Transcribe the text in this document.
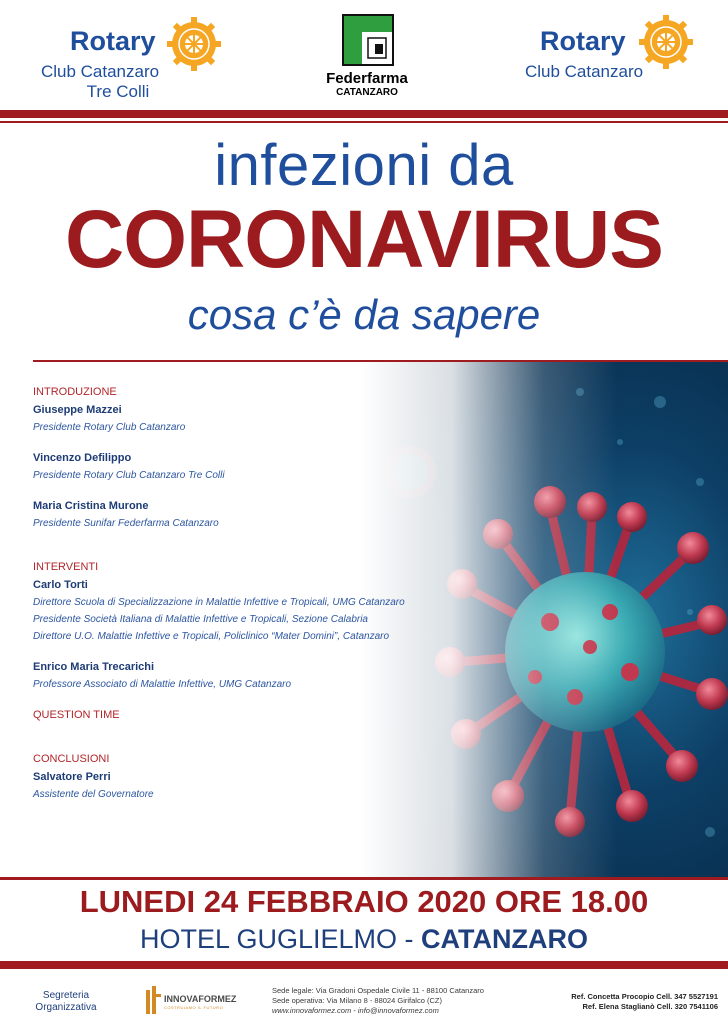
Rotary
Club Catanzaro
Tre Colli
Federfarma
CATANZARO
Rotary
Club Catanzaro
infezioni da
CORONAVIRUS
cosa c’è da sapere
INTRODUZIONE
Giuseppe Mazzei
Presidente Rotary Club Catanzaro
Vincenzo Defilippo
Presidente Rotary Club Catanzaro Tre Colli
Maria Cristina Murone
Presidente Sunifar Federfarma Catanzaro
INTERVENTI
Carlo Torti
Direttore Scuola di Specializzazione in Malattie Infettive e Tropicali, UMG Catanzaro
Presidente Società Italiana di Malattie Infettive e Tropicali, Sezione Calabria
Direttore U.O. Malattie Infettive e Tropicali, Policlinico “Mater Domini”, Catanzaro
Enrico Maria Trecarichi
Professore Associato di Malattie Infettive, UMG Catanzaro
QUESTION TIME
CONCLUSIONI
Salvatore Perri
Assistente del Governatore
LUNEDI 24 FEBBRAIO 2020 ORE 18.00
HOTEL GUGLIELMO - CATANZARO
Segreteria
Organizzativa
INNOVAFORMEZ
COSTRUIAMO IL FUTURO
Sede legale: Via Gradoni Ospedale Civile 11 - 88100 Catanzaro
Sede operativa: Via Milano 8 - 88024 Girifalco (CZ)
www.innovaformez.com - info@innovaformez.com
Ref. Concetta Procopio Cell. 347 5527191
Ref. Elena Staglianò Cell. 320 7541106
